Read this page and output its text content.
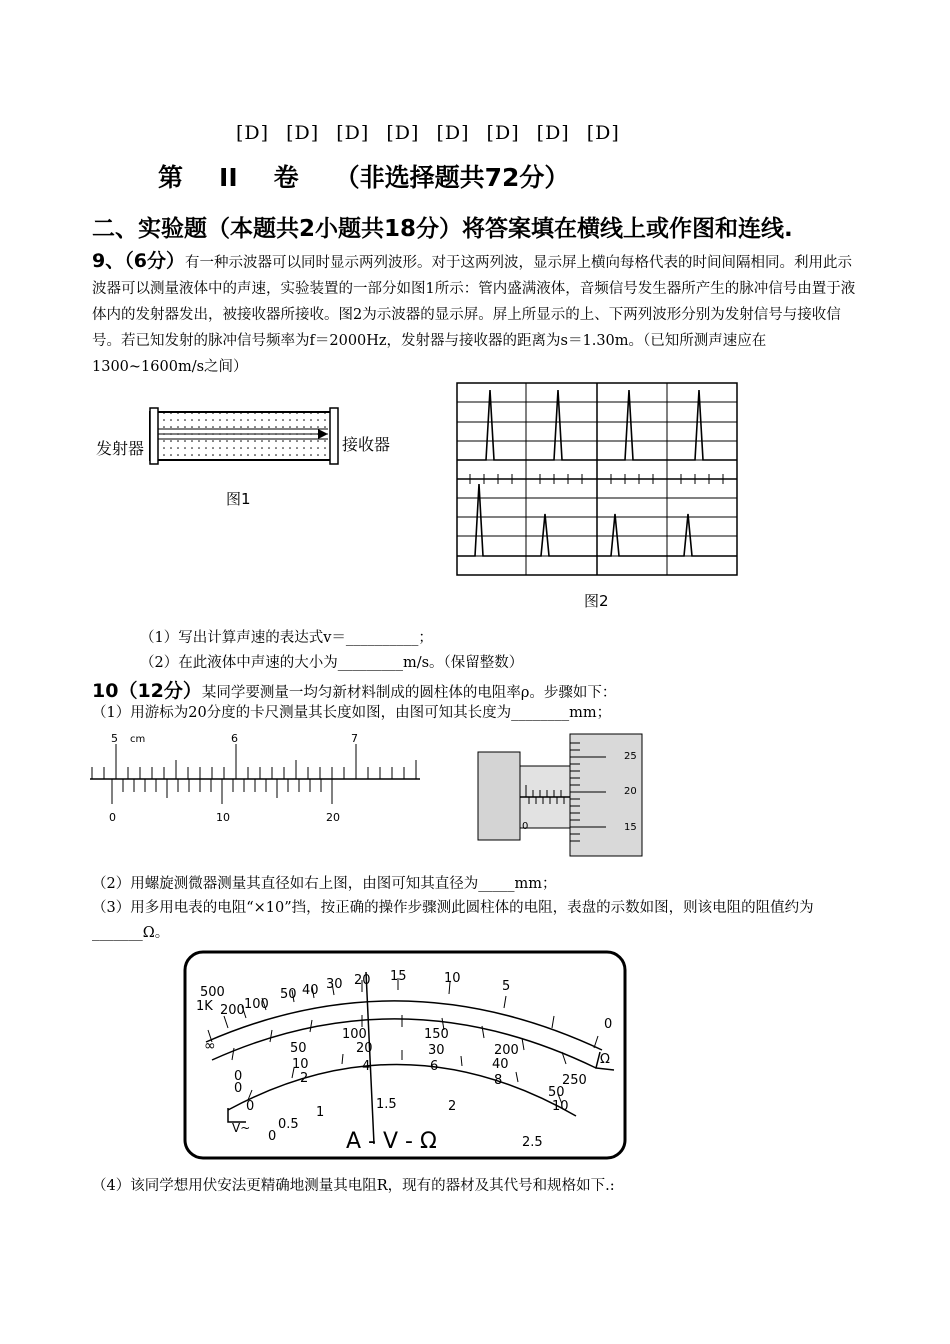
[D] [D] [D] [D] [D] [D] [D] [D]
第 II 卷 （非选择题共72分）
二、实验题（本题共2小题共18分）将答案填在横线上或作图和连线.
9、（6分）有一种示波器可以同时显示两列波形。对于这两列波，显示屏上横向每格代表的时间间隔相同。利用此示波器可以测量液体中的声速，实验装置的一部分如图1所示：管内盛满液体，音频信号发生器所产生的脉冲信号由置于液体内的发射器发出，被接收器所接收。图2为示波器的显示屏。屏上所显示的上、下两列波形分别为发射信号与接收信号。若已知发射的脉冲信号频率为f＝2000Hz，发射器与接收器的距离为s＝1.30m。（已知所测声速应在1300~1600m/s之间）
发射器	接收器
图1
图2
（1）写出计算声速的表达式v＝__________；
（2）在此液体中声速的大小为_________m/s。（保留整数）
10（12分）某同学要测量一均匀新材料制成的圆柱体的电阻率ρ。步骤如下：
（1）用游标为20分度的卡尺测量其长度如图，由图可知其长度为________mm；
5 cm	6	7
0	10	20
25
20
15
0
（2）用螺旋测微器测量其直径如右上图，由图可知其直径为_____mm；
（3）用多用电表的电阻“×10”挡，按正确的操作步骤测此圆柱体的电阻，表盘的示数如图，则该电阻的阻值约为 _______Ω。
500
1K 200 100
50 40 30 20 15	10
5
0
∞
0
100	150
200
250
50
0
10
20	30
40
50
0
2
4	6
8
10
0
0.5
1
1.5	2
2.5
Ω
V~
A - V - Ω
（4）该同学想用伏安法更精确地测量其电阻R，现有的器材及其代号和规格如下.:
